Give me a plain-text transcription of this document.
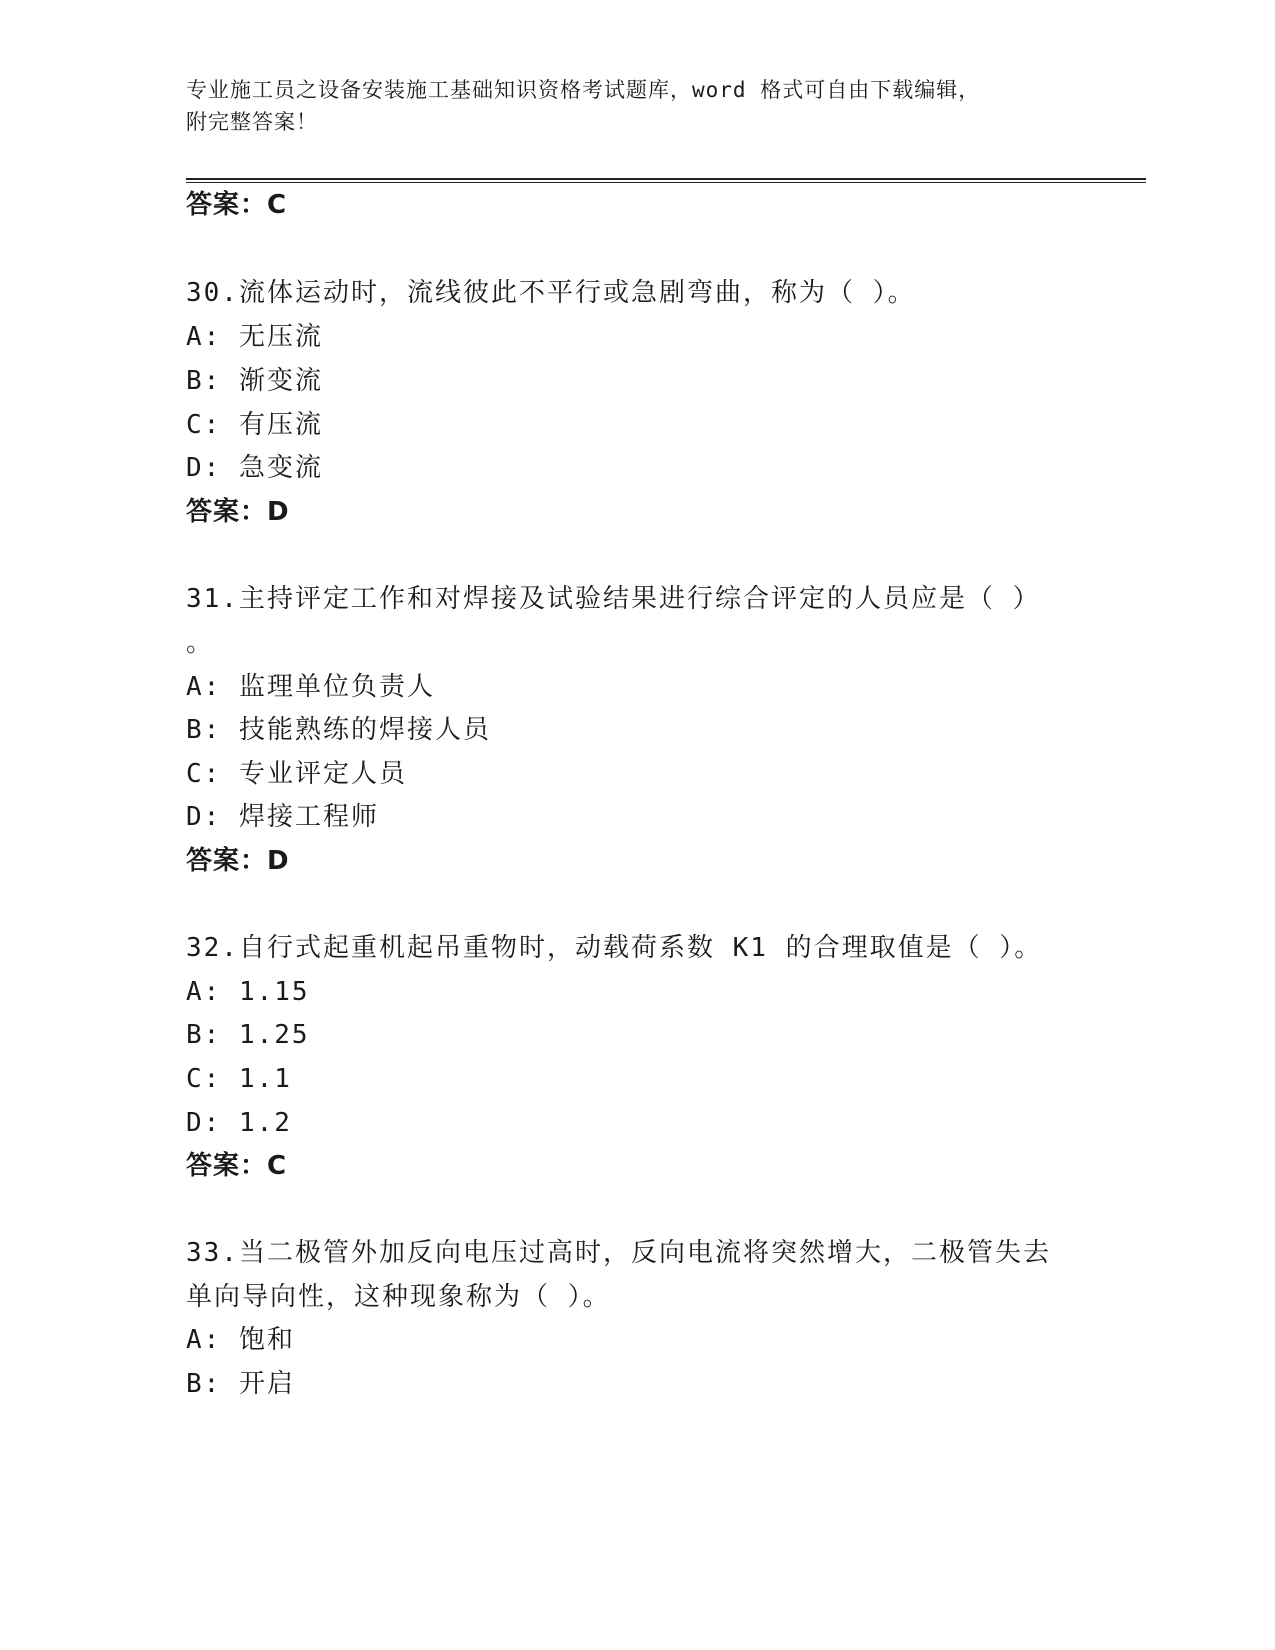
专业施工员之设备安装施工基础知识资格考试题库，word 格式可自由下载编辑，
附完整答案！
答案：C
30.流体运动时，流线彼此不平行或急剧弯曲，称为（ ）。
A: 无压流
B: 渐变流
C: 有压流
D: 急变流
答案：D
31.主持评定工作和对焊接及试验结果进行综合评定的人员应是（ ）
。
A: 监理单位负责人
B: 技能熟练的焊接人员
C: 专业评定人员
D: 焊接工程师
答案：D
32.自行式起重机起吊重物时，动载荷系数 K1 的合理取值是（ ）。
A: 1.15
B: 1.25
C: 1.1
D: 1.2
答案：C
33.当二极管外加反向电压过高时，反向电流将突然增大，二极管失去
单向导向性，这种现象称为（ ）。
A: 饱和
B: 开启
